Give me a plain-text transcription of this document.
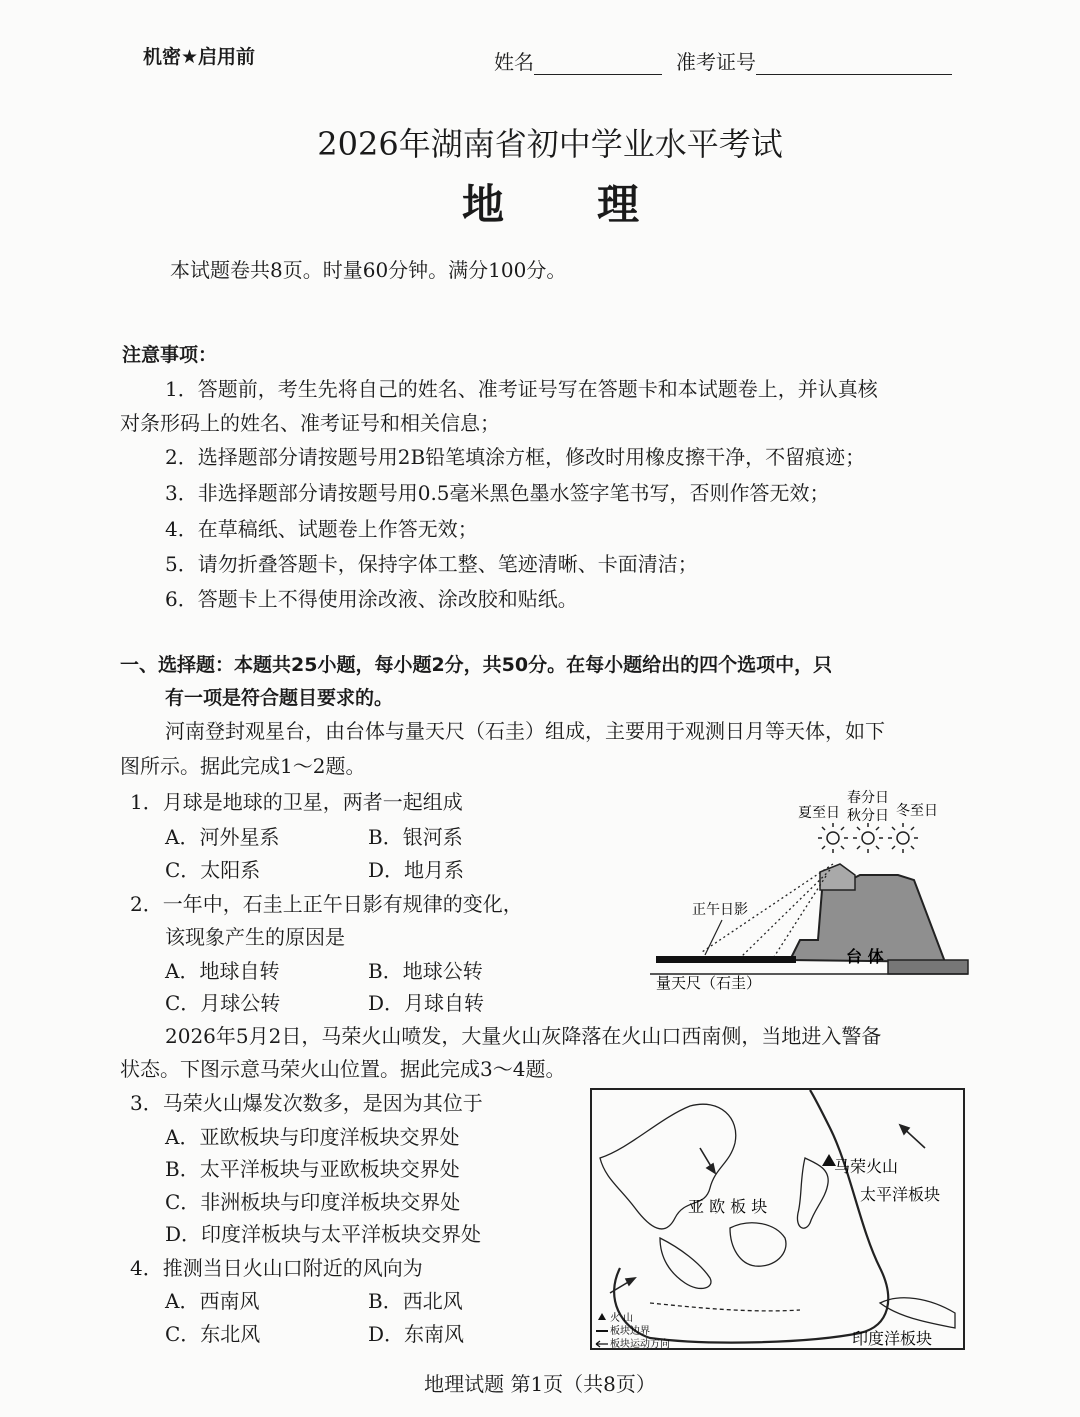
机密★启用前	姓名	准考证号
2026年湖南省初中学业水平考试
地 理
本试题卷共8页。时量60分钟。满分100分。
注意事项：
1．答题前，考生先将自己的姓名、准考证号写在答题卡和本试题卷上，并认真核
对条形码上的姓名、准考证号和相关信息；
2．选择题部分请按题号用2B铅笔填涂方框，修改时用橡皮擦干净，不留痕迹；
3．非选择题部分请按题号用0.5毫米黑色墨水签字笔书写，否则作答无效；
4．在草稿纸、试题卷上作答无效；
5．请勿折叠答题卡，保持字体工整、笔迹清晰、卡面清洁；
6．答题卡上不得使用涂改液、涂改胶和贴纸。
一、选择题：本题共25小题，每小题2分，共50分。在每小题给出的四个选项中，只
有一项是符合题目要求的。
河南登封观星台，由台体与量天尺（石圭）组成，主要用于观测日月等天体，如下
图所示。据此完成1～2题。
1．月球是地球的卫星，两者一起组成
A．河外星系	B．银河系
C．太阳系	D．地月系
2．一年中，石圭上正午日影有规律的变化，
该现象产生的原因是
A．地球自转	B．地球公转
C．月球公转	D．月球自转
夏至日
春分日
秋分日 冬至日
正午日影
台 体
量天尺（石圭）
2026年5月2日，马荣火山喷发，大量火山灰降落在火山口西南侧，当地进入警备
状态。下图示意马荣火山位置。据此完成3～4题。
3．马荣火山爆发次数多，是因为其位于
A．亚欧板块与印度洋板块交界处
B．太平洋板块与亚欧板块交界处
C．非洲板块与印度洋板块交界处
D．印度洋板块与太平洋板块交界处
4．推测当日火山口附近的风向为
A．西南风	B．西北风
C．东北风	D．东南风
马荣火山
亚 欧 板 块
太平洋板块
印度洋板块
火 山
板块边界
板块运动方向
地理试题 第1页（共8页）
